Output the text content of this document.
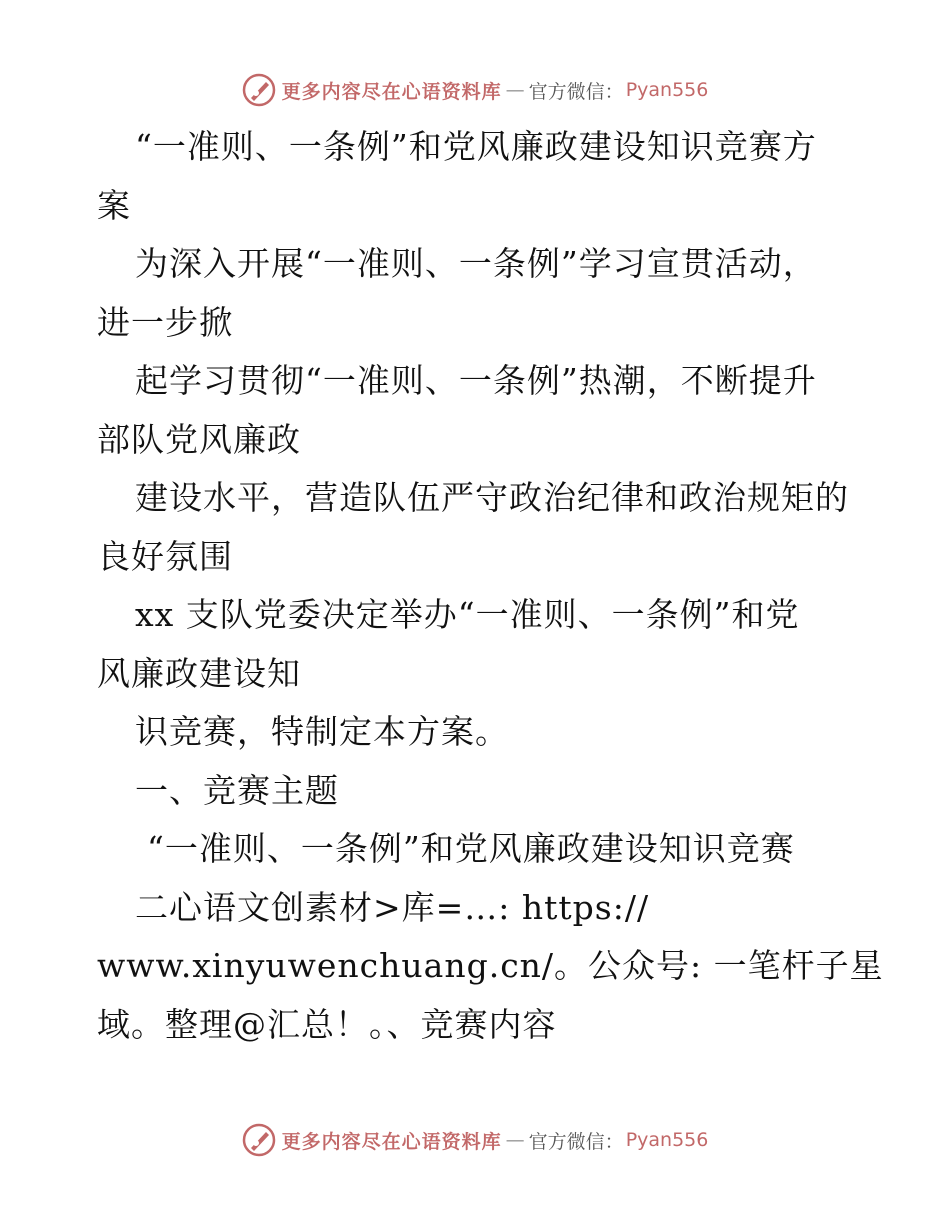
更多内容尽在心语资料库 — 官方微信： Pyan556
“一准则、一条例”和党风廉政建设知识竞赛方
案
为深入开展“一准则、一条例”学习宣贯活动，
进一步掀
起学习贯彻“一准则、一条例”热潮，不断提升
部队党风廉政
建设水平，营造队伍严守政治纪律和政治规矩的
良好氛围
xx 支队党委决定举办“一准则、一条例”和党
风廉政建设知
识竞赛，特制定本方案。
一、竞赛主题
“一准则、一条例”和党风廉政建设知识竞赛
二心语文创素材>库=…: https://
www.xinyuwenchuang.cn/。公众号: 一笔杆子星
域。整理@汇总！。、竞赛内容
更多内容尽在心语资料库 — 官方微信： Pyan556
